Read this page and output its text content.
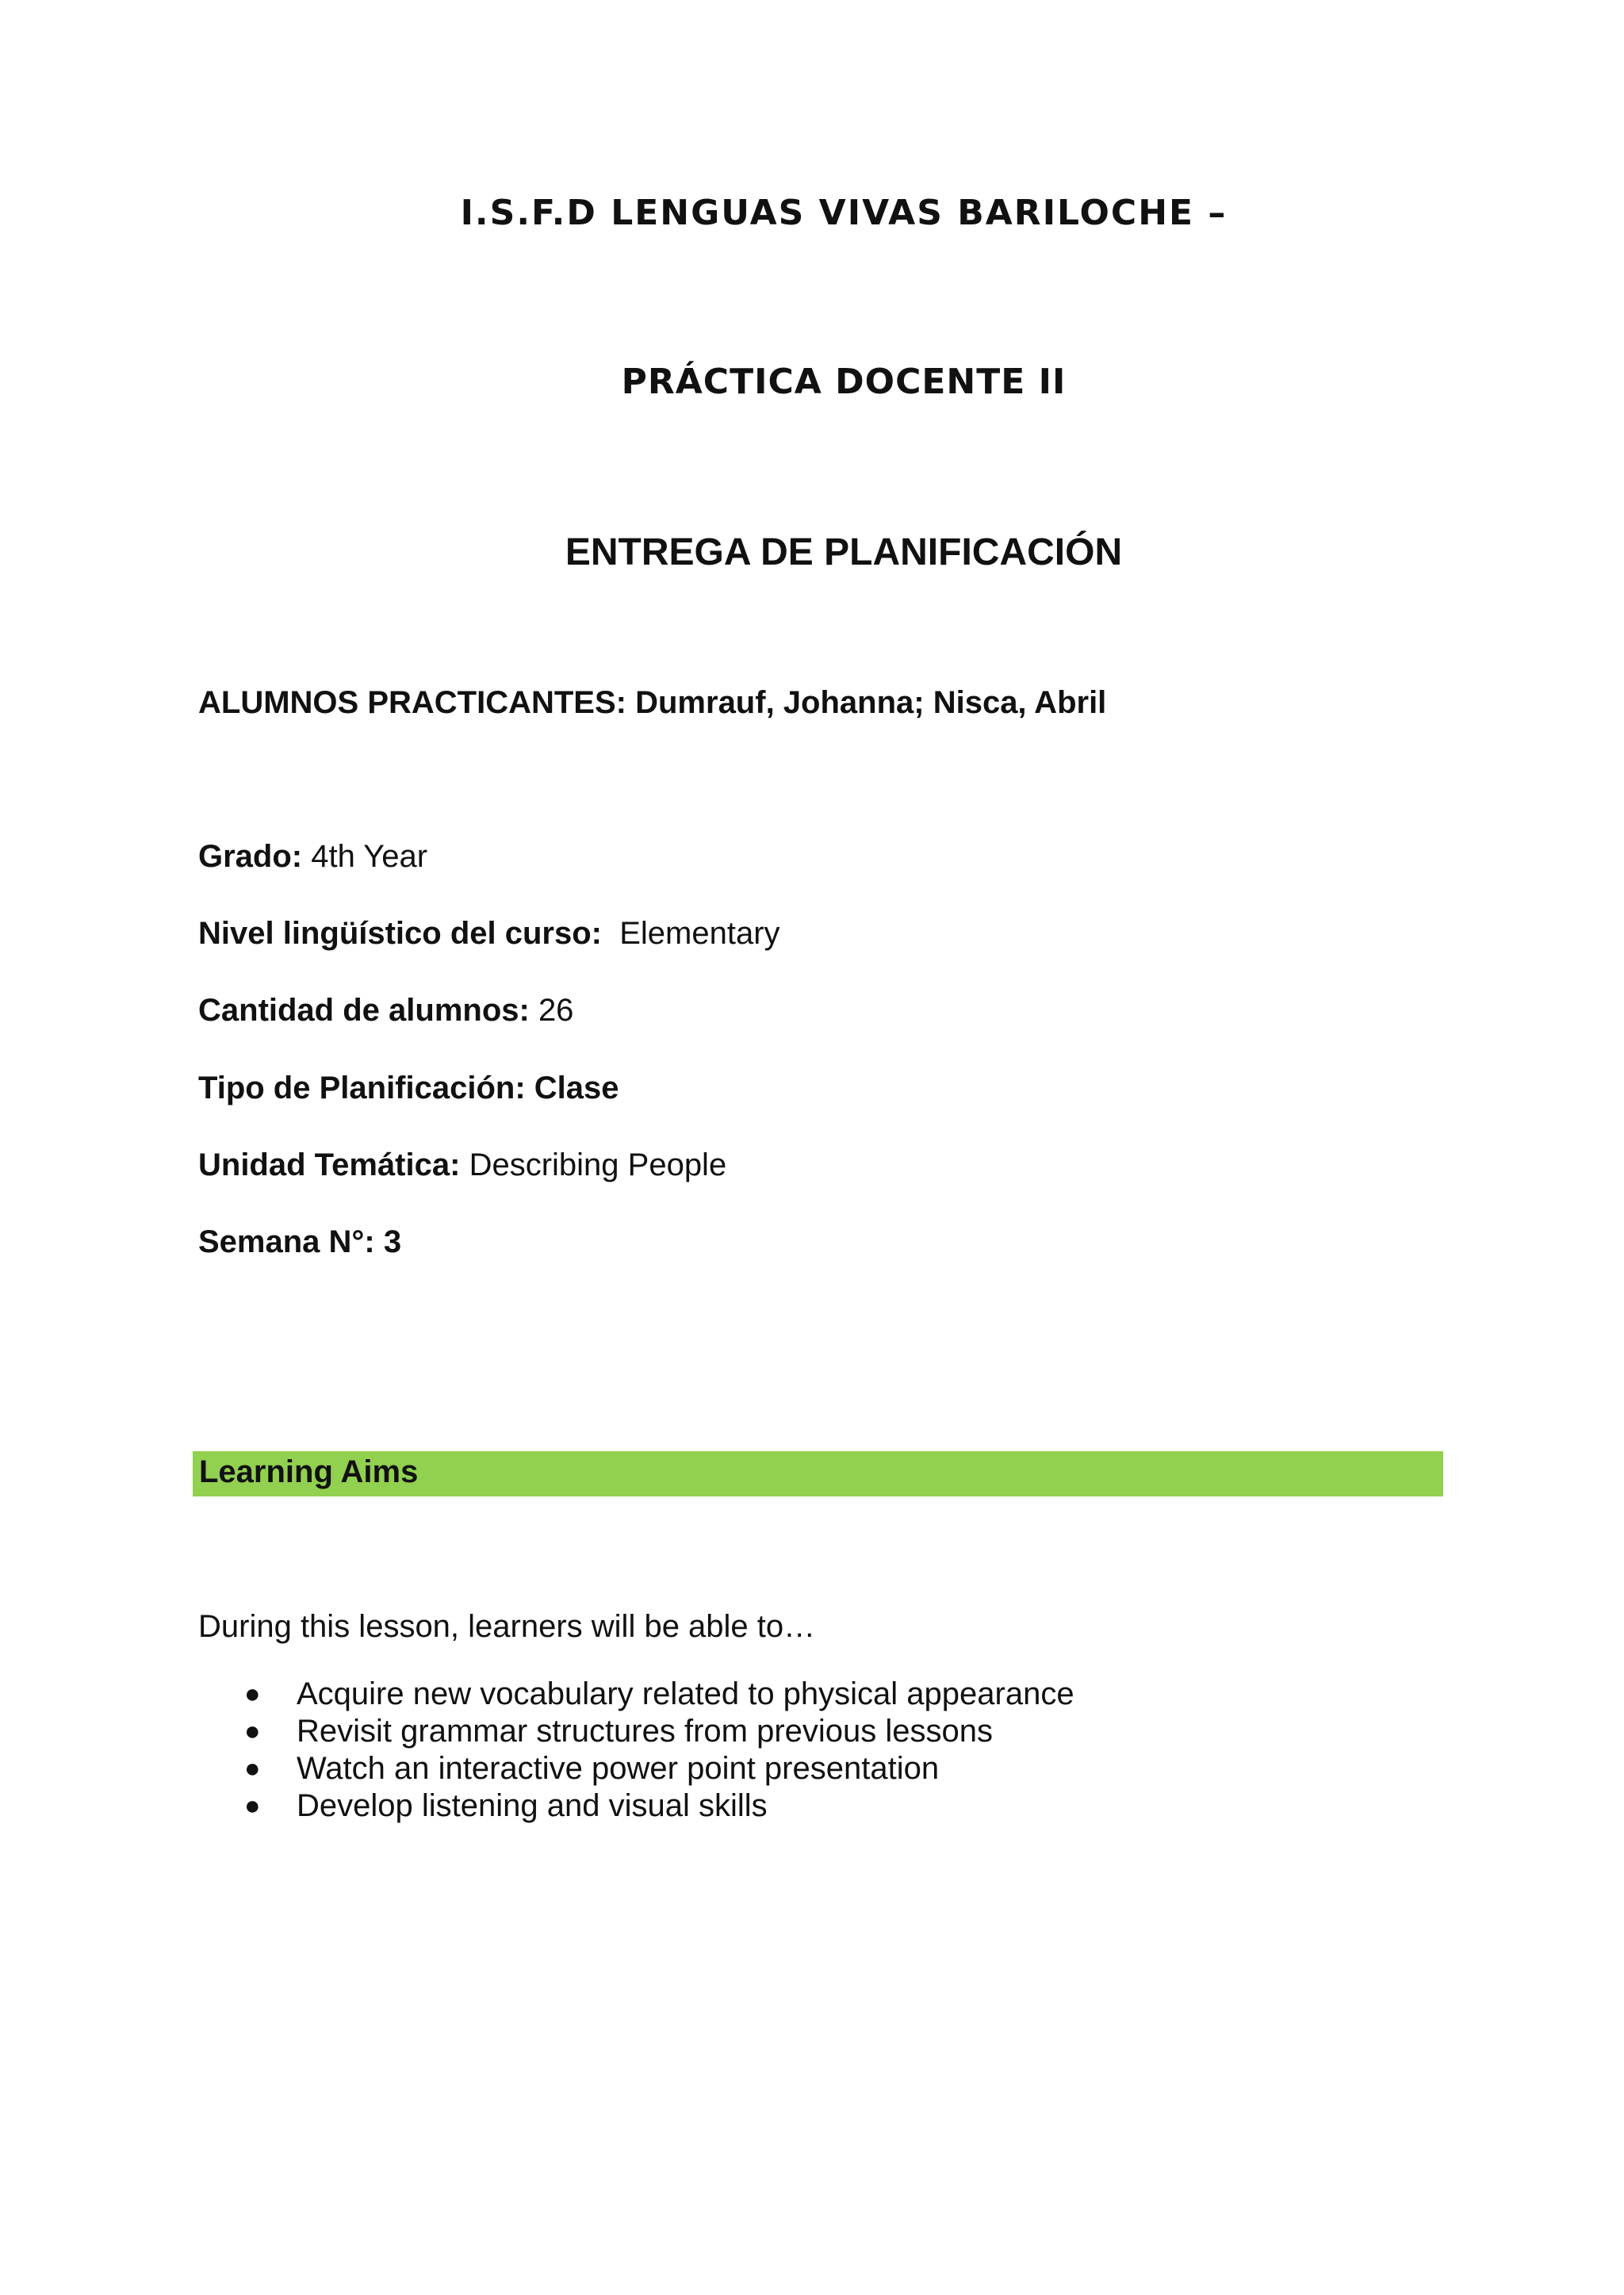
I.S.F.D LENGUAS VIVAS BARILOCHE –
PRÁCTICA DOCENTE II
ENTREGA DE PLANIFICACIÓN
ALUMNOS PRACTICANTES: Dumrauf, Johanna; Nisca, Abril
Grado: 4th Year
Nivel lingüístico del curso: Elementary
Cantidad de alumnos: 26
Tipo de Planificación: Clase
Unidad Temática: Describing People
Semana N°: 3
Learning Aims
During this lesson, learners will be able to…
● Acquire new vocabulary related to physical appearance
● Revisit grammar structures from previous lessons
● Watch an interactive power point presentation
● Develop listening and visual skills
